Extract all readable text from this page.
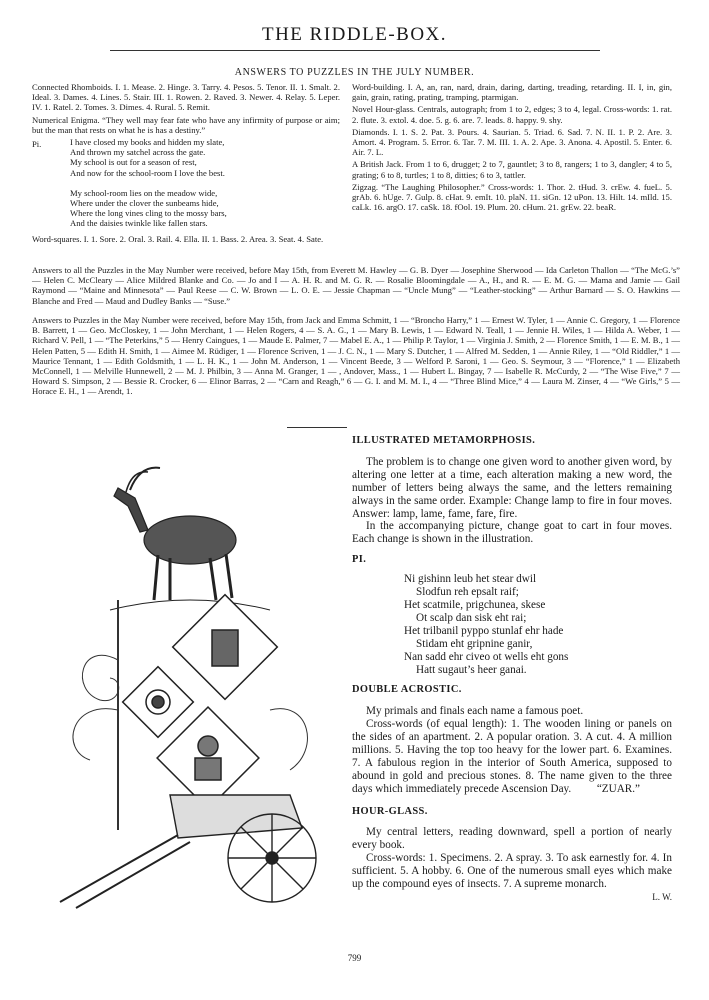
THE RIDDLE-BOX.
ANSWERS TO PUZZLES IN THE JULY NUMBER.

Connected Rhomboids. I. 1. Mease. 2. Hinge. 3. Tarry. 4. Pesos. 5. Tenor. II. 1. Smalt. 2. Ideal. 3. Dames. 4. Lines. 5. Stair. III. 1. Rowen. 2. Raved. 3. Newer. 4. Relay. 5. Leper. IV. 1. Ratel. 2. Tomes. 3. Dimes. 4. Rural. 5. Remit.

Numerical Enigma. “They well may fear fate who have any infirmity of purpose or aim; but the man that rests on what he is has a destiny.”

Pi.	I have closed my books and hidden my slate,
And thrown my satchel across the gate.
My school is out for a season of rest,
And now for the school-room I love the best.
My school-room lies on the meadow wide,
Where under the clover the sunbeams hide,
Where the long vines cling to the mossy bars,
And the daisies twinkle like fallen stars.

Word-squares. I. 1. Sore. 2. Oral. 3. Rail. 4. Ella. II. 1. Bass. 2. Area. 3. Seat. 4. Sate.

Word-building. I. A, an, ran, nard, drain, daring, darting, treading, retarding. II. I, in, gin, gain, grain, rating, prating, tramping, ptarmigan.

Novel Hour-glass. Centrals, autograph; from 1 to 2, edges; 3 to 4, legal. Cross-words: 1. rat. 2. flute. 3. extol. 4. doe. 5. g. 6. are. 7. leads. 8. happy. 9. shy.

Diamonds. I. 1. S. 2. Pat. 3. Pours. 4. Saurian. 5. Triad. 6. Sad. 7. N. II. 1. P. 2. Are. 3. Amort. 4. Program. 5. Error. 6. Tar. 7. M. III. 1. A. 2. Ape. 3. Anona. 4. Apostil. 5. Enter. 6. Air. 7. L.

A British Jack. From 1 to 6, drugget; 2 to 7, gauntlet; 3 to 8, rangers; 1 to 3, dangler; 4 to 5, grating; 6 to 8, turtles; 1 to 8, ditties; 6 to 3, tattler.

Zigzag. “The Laughing Philosopher.” Cross-words: 1. Thor. 2. tHud. 3. crEw. 4. fueL. 5. grAb. 6. hUge. 7. Gulp. 8. cHat. 9. emIt. 10. plaN. 11. siGn. 12 uPon. 13. Hilt. 14. mIld. 15. caLk. 16. argO. 17. caSk. 18. fOol. 19. Plum. 20. cHum. 21. grEw. 22. beaR.

Answers to all the Puzzles in the May Number were received, before May 15th, from Everett M. Hawley — G. B. Dyer — Josephine Sherwood — Ida Carleton Thallon — “The McG.’s” — Helen C. McCleary — Alice Mildred Blanke and Co. — Jo and I — A. H. R. and M. G. R. — Rosalie Bloomingdale — A., H., and R. — E. M. G. — Mama and Jamie — Gail Raymond — “Maine and Minnesota” — Paul Reese — C. W. Brown — L. O. E. — Jessie Chapman — “Uncle Mung” — “Leather-stocking” — Arthur Barnard — S. O. Hawkins — Blanche and Fred — Maud and Dudley Banks — “Suse.”

Answers to Puzzles in the May Number were received, before May 15th, from Jack and Emma Schmitt, 1 — “Broncho Harry,” 1 — Ernest W. Tyler, 1 — Annie C. Gregory, 1 — Florence B. Barrett, 1 — Geo. McCloskey, 1 — John Merchant, 1 — Helen Rogers, 4 — S. A. G., 1 — Mary B. Lewis, 1 — Edward N. Teall, 1 — Jennie H. Wiles, 1 — Hilda A. Weber, 1 — Richard V. Pell, 1 — “The Peterkins,” 5 — Henry Caingues, 1 — Maude E. Palmer, 7 — Mabel E. A., 1 — Philip P. Taylor, 1 — Virginia J. Smith, 2 — Florence Smith, 1 — E. M. B., 1 — Helen Patten, 5 — Edith H. Smith, 1 — Aimee M. Rüdiger, 1 — Florence Scriven, 1 — J. C. N., 1 — Mary S. Dutcher, 1 — Alfred M. Sedden, 1 — Annie Riley, 1 — “Old Riddler,” 1 — Maurice Tennant, 1 — Edith Goldsmith, 1 — L. H. K., 1 — John M. Anderson, 1 — Vincent Beede, 3 — Welford P. Saroni, 1 — Geo. S. Seymour, 3 — “Florence,” 1 — Elizabeth McConnell, 1 — Melville Hunnewell, 2 — M. J. Philbin, 3 — Anna M. Granger, 1 — , Andover, Mass., 1 — Hubert L. Bingay, 7 — Isabelle R. McCurdy, 2 — “The Wise Five,” 7 — Howard S. Simpson, 2 — Bessie R. Crocker, 6 — Elinor Barras, 2 — “Carn and Reagh,” 6 — G. I. and M. M. I., 4 — “Three Blind Mice,” 4 — Laura M. Zinser, 4 — “We Girls,” 5 — Horace E. H., 1 — Arendt, 1.

ILLUSTRATED METAMORPHOSIS.

The problem is to change one given word to another given word, by altering one letter at a time, each alteration making a new word, the number of letters being always the same, and the letters remaining always in the same order. Example: Change lamp to fire in four moves. Answer: lamp, lame, fame, fare, fire.

In the accompanying picture, change goat to cart in four moves. Each change is shown in the illustration.

PI.

Ni gishinn leub het stear dwil
Slodfun reh epsalt raif;
Het scatmile, prigchunea, skese
Ot scalp dan sisk eht rai;
Het trilbanil pyppo stunlaf ehr hade
Stidam eht gripnine ganir,
Nan sadd ehr civeo ot wells eht gons
Hatt sugaut’s heer ganai.

DOUBLE ACROSTIC.

My primals and finals each name a famous poet.

Cross-words (of equal length): 1. The wooden lining or panels on the sides of an apartment. 2. A popular oration. 3. A cut. 4. A million millions. 5. Having the top too heavy for the lower part. 6. Examines. 7. A fabulous region in the interior of South America, supposed to abound in gold and precious stones. 8. The name given to the three days which immediately precede Ascension Day.	“ZUAR.”

HOUR-GLASS.

My central letters, reading downward, spell a portion of nearly every book.

Cross-words: 1. Specimens. 2. A spray. 3. To ask earnestly for. 4. In sufficient. 5. A hobby. 6. One of the numerous small eyes which make up the compound eyes of insects. 7. A supreme monarch.

L. W.

799
